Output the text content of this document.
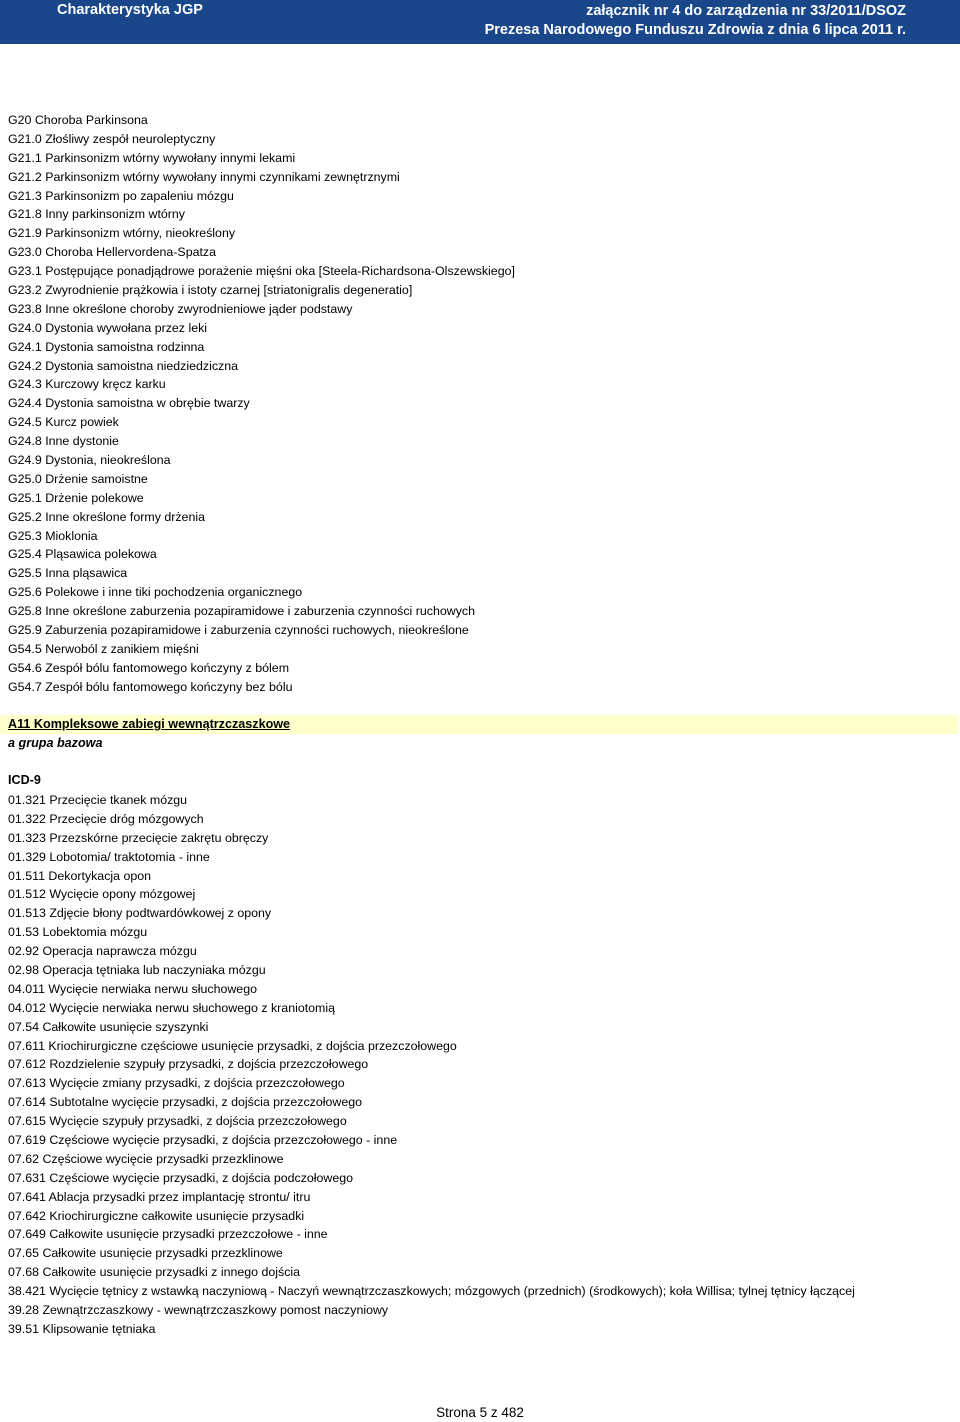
Charakterystyka JGP	załącznik nr 4 do zarządzenia nr 33/2011/DSOZ
Prezesa Narodowego Funduszu Zdrowia z dnia 6 lipca 2011 r.
G20 Choroba Parkinsona
G21.0 Złośliwy zespół neuroleptyczny
G21.1 Parkinsonizm wtórny wywołany innymi lekami
G21.2 Parkinsonizm wtórny wywołany innymi czynnikami zewnętrznymi
G21.3 Parkinsonizm po zapaleniu mózgu
G21.8 Inny parkinsonizm wtórny
G21.9 Parkinsonizm wtórny, nieokreślony
G23.0 Choroba Hellervordena-Spatza
G23.1 Postępujące ponadjądrowe porażenie mięśni oka [Steela-Richardsona-Olszewskiego]
G23.2 Zwyrodnienie prążkowia i istoty czarnej [striatonigralis degeneratio]
G23.8 Inne określone choroby zwyrodnieniowe jąder podstawy
G24.0 Dystonia wywołana przez leki
G24.1 Dystonia samoistna rodzinna
G24.2 Dystonia samoistna niedziedziczna
G24.3 Kurczowy kręcz karku
G24.4 Dystonia samoistna w obrębie twarzy
G24.5 Kurcz powiek
G24.8 Inne dystonie
G24.9 Dystonia, nieokreślona
G25.0 Drżenie samoistne
G25.1 Drżenie polekowe
G25.2 Inne określone formy drżenia
G25.3 Mioklonia
G25.4 Pląsawica polekowa
G25.5 Inna pląsawica
G25.6 Polekowe i inne tiki pochodzenia organicznego
G25.8 Inne określone zaburzenia pozapiramidowe i zaburzenia czynności ruchowych
G25.9 Zaburzenia pozapiramidowe i zaburzenia czynności ruchowych, nieokreślone
G54.5 Nerwoból z zanikiem mięśni
G54.6 Zespół bólu fantomowego kończyny z bólem
G54.7 Zespół bólu fantomowego kończyny bez bólu
A11 Kompleksowe zabiegi wewnątrzczaszkowe
a grupa bazowa
ICD-9
01.321 Przecięcie tkanek mózgu
01.322 Przecięcie dróg mózgowych
01.323 Przezskórne przecięcie zakrętu obręczy
01.329 Lobotomia/ traktotomia - inne
01.511 Dekortykacja opon
01.512 Wycięcie opony mózgowej
01.513 Zdjęcie błony podtwardówkowej z opony
01.53 Lobektomia mózgu
02.92 Operacja naprawcza mózgu
02.98 Operacja tętniaka lub naczyniaka mózgu
04.011 Wycięcie nerwiaka nerwu słuchowego
04.012 Wycięcie nerwiaka nerwu słuchowego z kraniotomią
07.54 Całkowite usunięcie szyszynki
07.611 Kriochirurgiczne częściowe usunięcie przysadki, z dojścia przezczołowego
07.612 Rozdzielenie szypuły przysadki, z dojścia przezczołowego
07.613 Wycięcie zmiany przysadki, z dojścia przezczołowego
07.614 Subtotalne wycięcie przysadki, z dojścia przezczołowego
07.615 Wycięcie szypuły przysadki, z dojścia przezczołowego
07.619 Częściowe wycięcie przysadki, z dojścia przezczołowego - inne
07.62 Częściowe wycięcie przysadki przezklinowe
07.631 Częściowe wycięcie przysadki, z dojścia podczołowego
07.641 Ablacja przysadki przez implantację strontu/ itru
07.642 Kriochirurgiczne całkowite usunięcie przysadki
07.649 Całkowite usunięcie przysadki przezczołowe - inne
07.65 Całkowite usunięcie przysadki przezklinowe
07.68 Całkowite usunięcie przysadki z innego dojścia
38.421 Wycięcie tętnicy z wstawką naczyniową - Naczyń wewnątrzczaszkowych; mózgowych (przednich) (środkowych); koła Willisa; tylnej tętnicy łączącej
39.28 Zewnątrzczaszkowy - wewnątrzczaszkowy pomost naczyniowy
39.51 Klipsowanie tętniaka
Strona 5 z 482
